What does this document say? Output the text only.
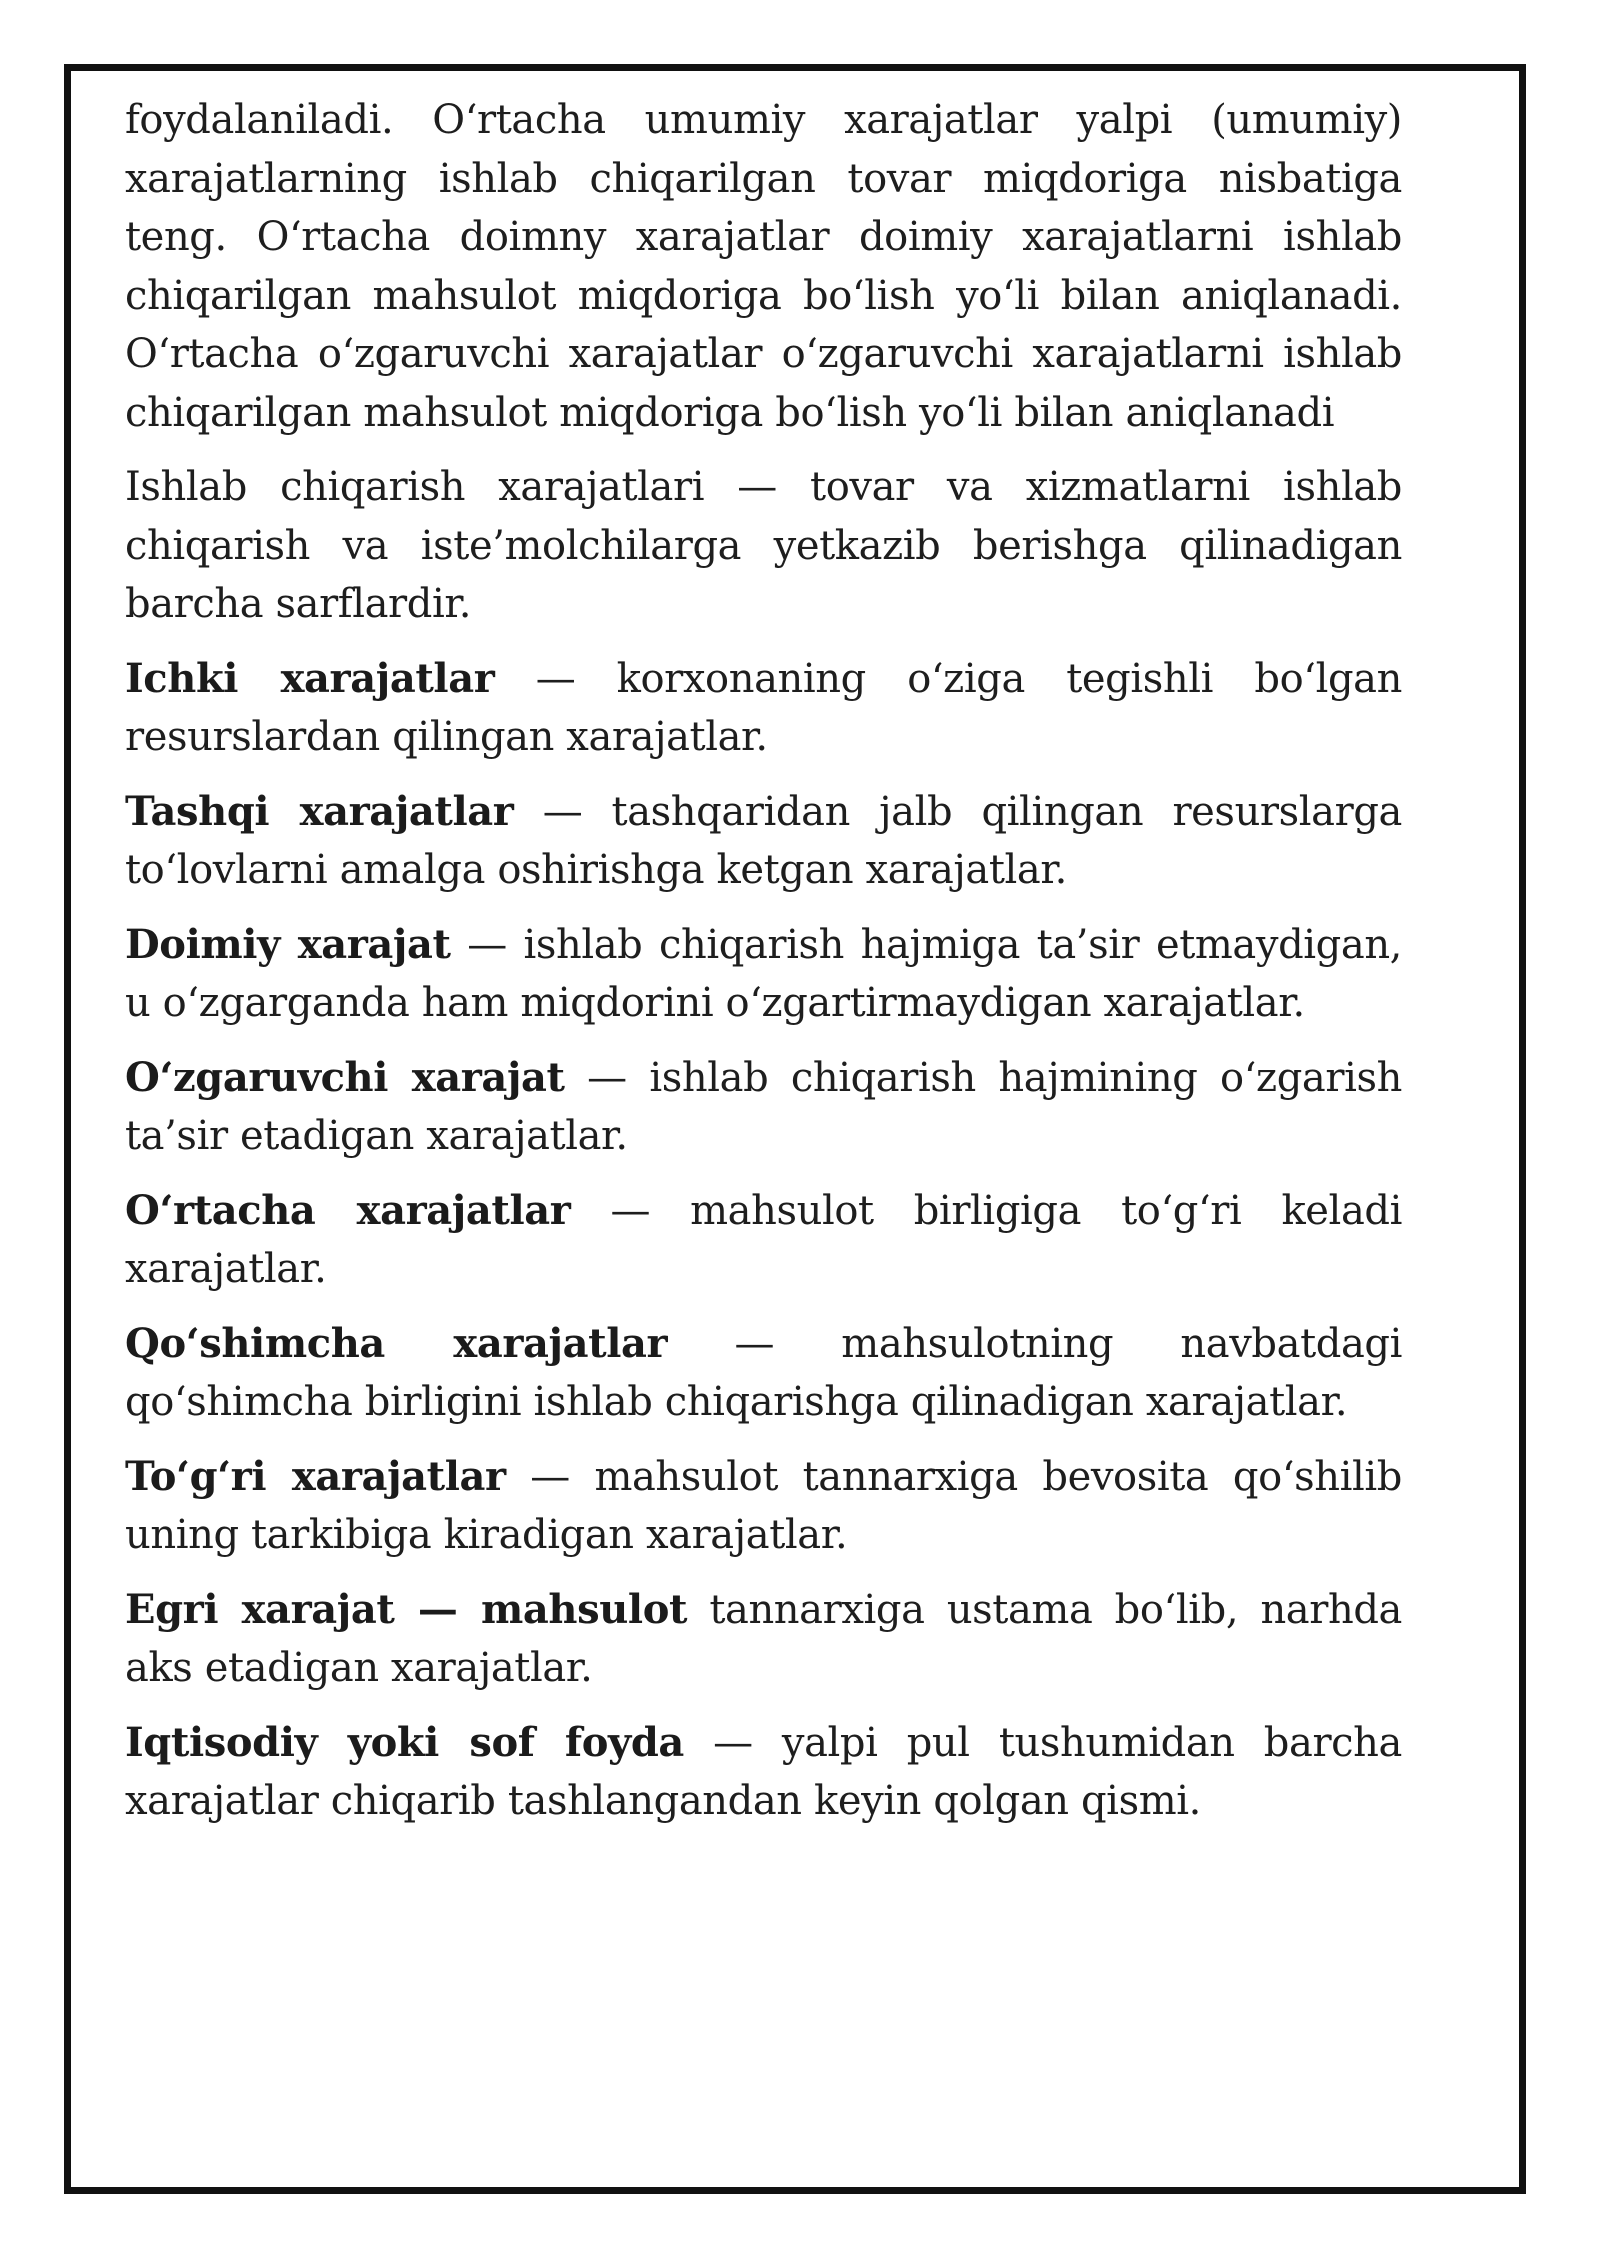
foydalaniladi. O‘rtacha umumiy xarajatlar yalpi (umumiy) xarajatlarning ishlab chiqarilgan tovar miqdoriga nisbatiga teng. O‘rtacha doimny xarajatlar doimiy xarajatlarni ishlab chiqarilgan mahsulot miqdoriga bo‘lish yo‘li bilan aniqlanadi. O‘rtacha o‘zgaruvchi xarajatlar o‘zgaruvchi xarajatlarni ishlab chiqarilgan mahsulot miqdoriga bo‘lish yo‘li bilan aniqlanadi

Ishlab chiqarish xarajatlari — tovar va xizmatlarni ishlab chiqarish va iste’molchilarga yetkazib berishga qilinadigan barcha sarflardir.

Ichki xarajatlar — korxonaning o‘ziga tegishli bo‘lgan resurslardan qilingan xarajatlar.

Tashqi xarajatlar — tashqaridan jalb qilingan resurslarga to‘lovlarni amalga oshirishga ketgan xarajatlar.

Doimiy xarajat — ishlab chiqarish hajmiga ta’sir etmaydigan, u o‘zgarganda ham miqdorini o‘zgartirmaydigan xarajatlar.

O‘zgaruvchi xarajat — ishlab chiqarish hajmining o‘zgarish ta’sir etadigan xarajatlar.

O‘rtacha xarajatlar — mahsulot birligiga to‘g‘ri keladi xarajatlar.

Qo‘shimcha xarajatlar — mahsulotning navbatdagi qo‘shimcha birligini ishlab chiqarishga qilinadigan xarajatlar.

To‘g‘ri xarajatlar — mahsulot tannarxiga bevosita qo‘shilib uning tarkibiga kiradigan xarajatlar.

Egri xarajat — mahsulot tannarxiga ustama bo‘lib, narhda aks etadigan xarajatlar.

Iqtisodiy yoki sof foyda — yalpi pul tushumidan barcha xarajatlar chiqarib tashlangandan keyin qolgan qismi.
